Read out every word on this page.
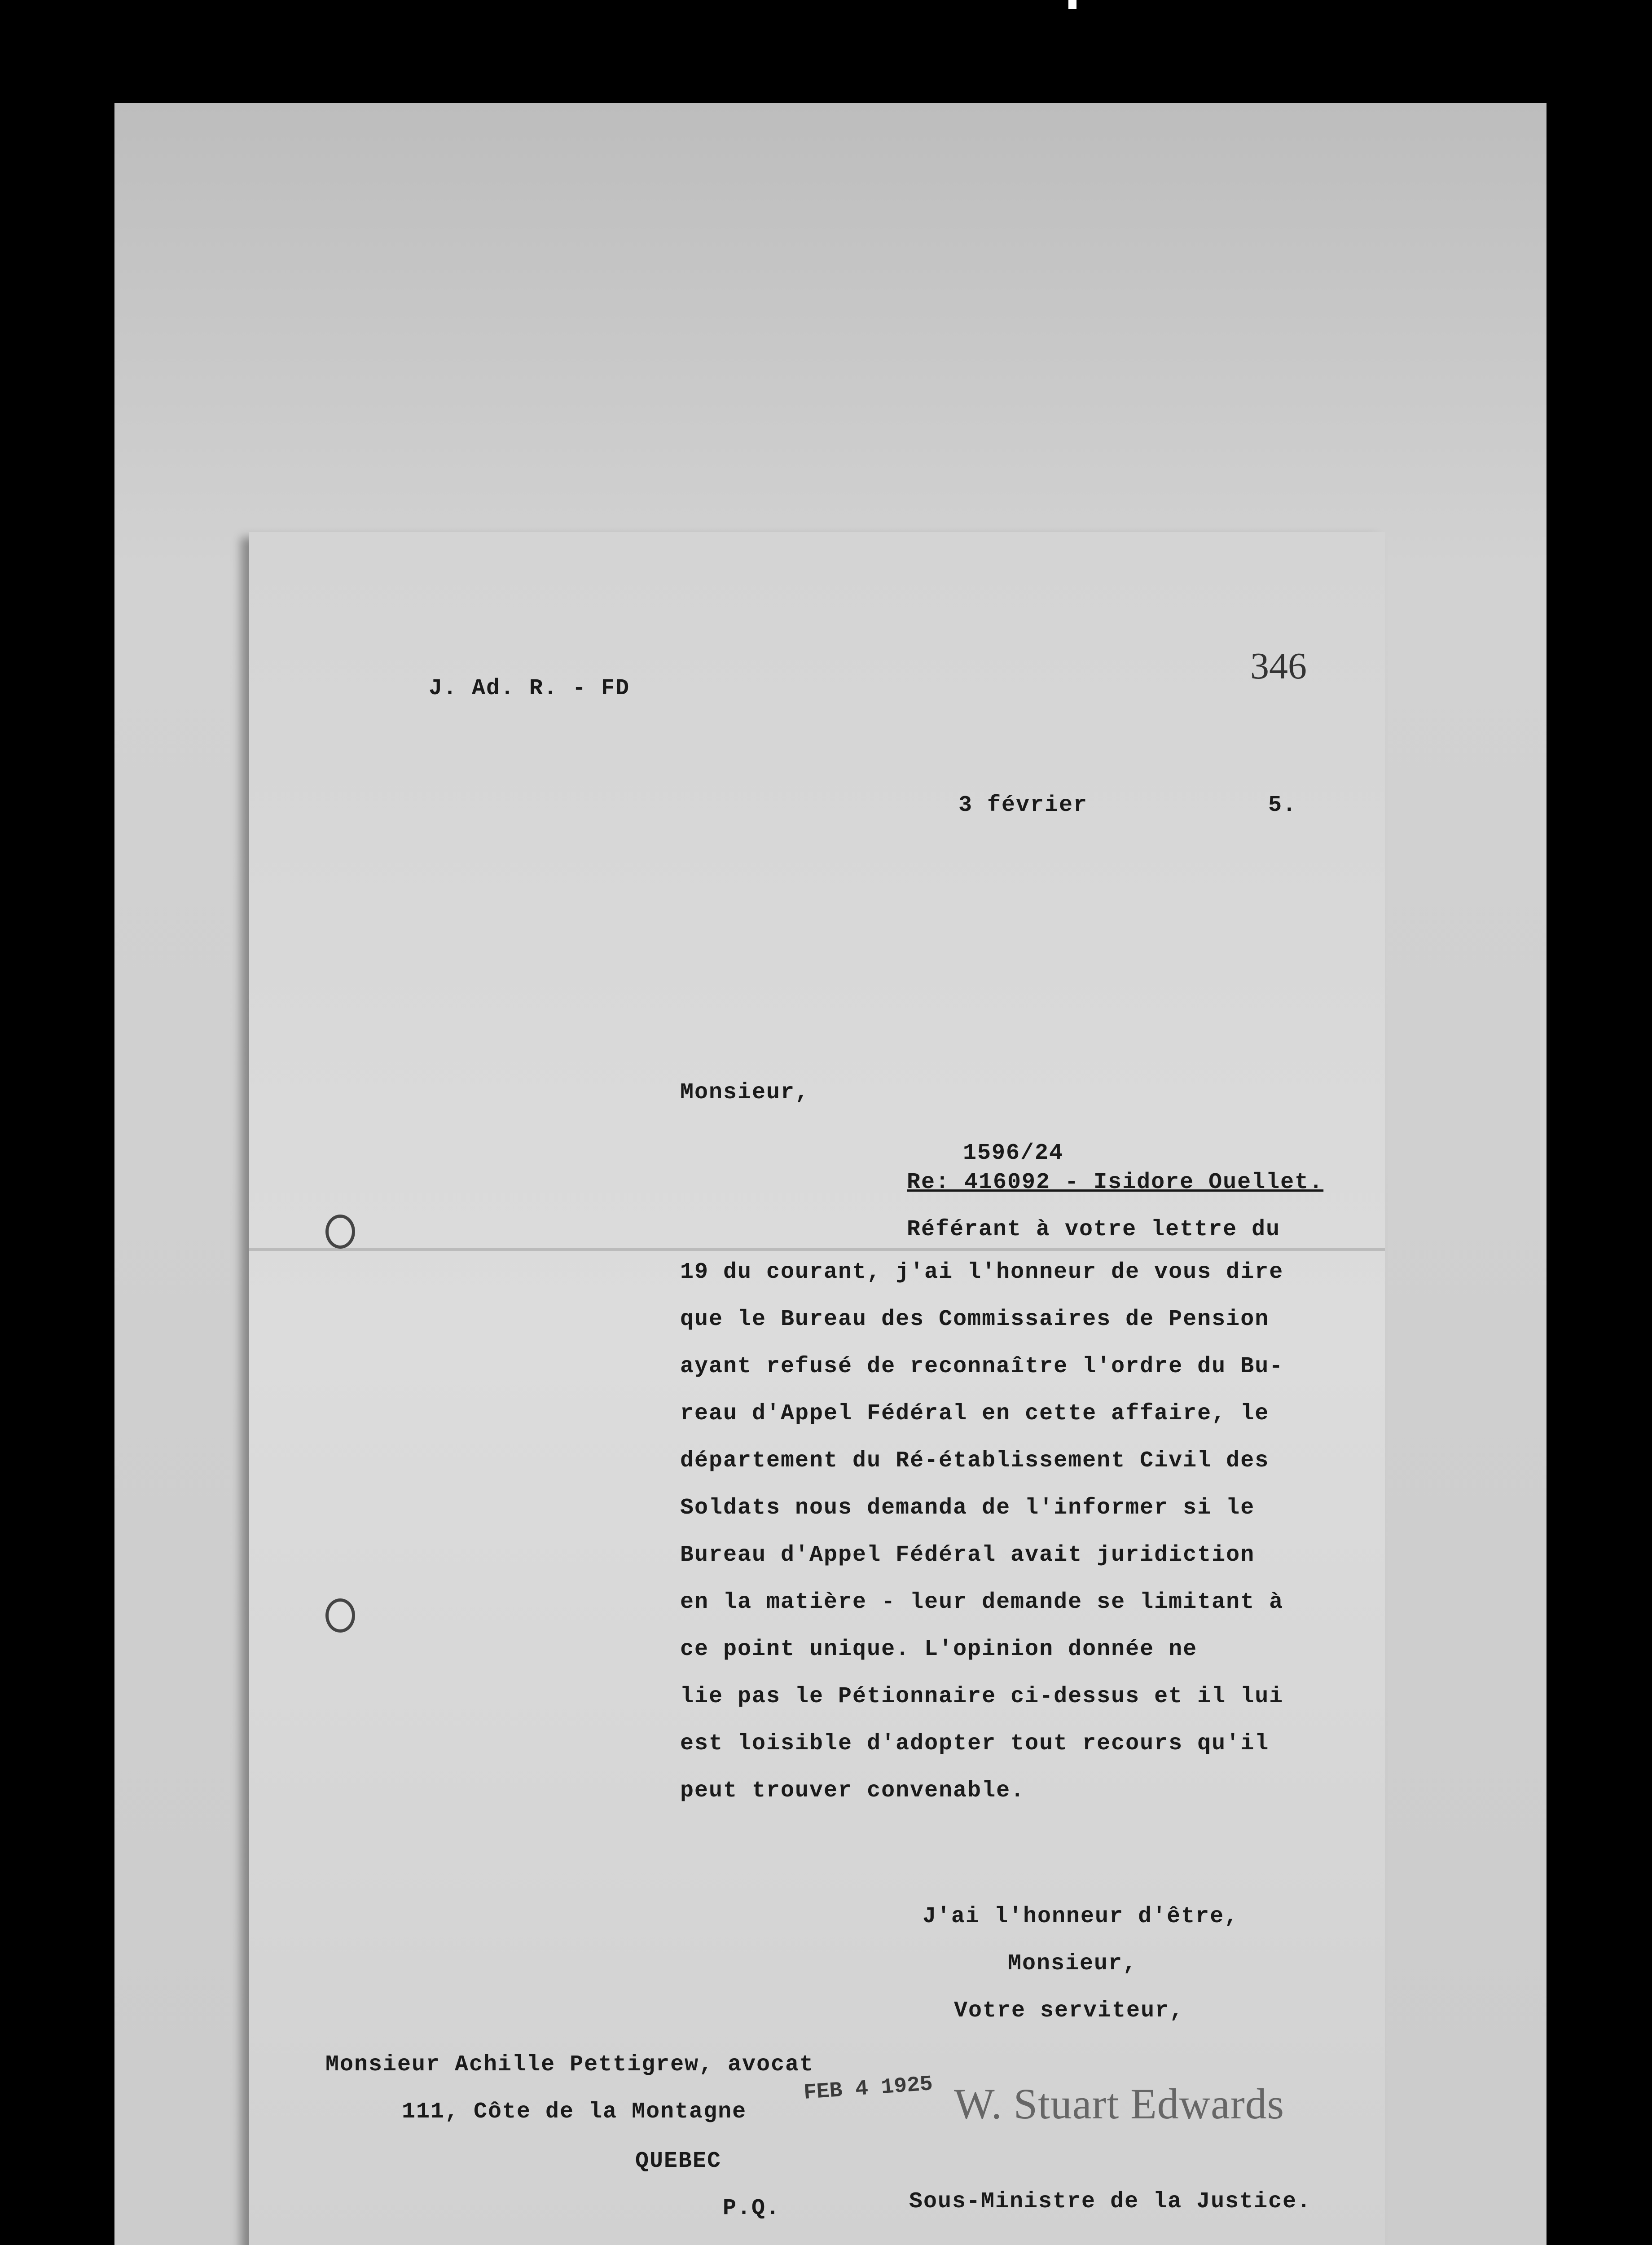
J. Ad. R. - FD
346
3 février	5.
Monsieur,
1596/24
Re: 416092 - Isidore Ouellet.
Référant à votre lettre du
19 du courant, j'ai l'honneur de vous dire
que le Bureau des Commissaires de Pension
ayant refusé de reconnaître l'ordre du Bu-
reau d'Appel Fédéral en cette affaire, le
département du Ré-établissement Civil des
Soldats nous demanda de l'informer si le
Bureau d'Appel Fédéral avait juridiction
en la matière - leur demande se limitant à
ce point unique. L'opinion donnée ne
lie pas le Pétionnaire ci-dessus et il lui
est loisible d'adopter tout recours qu'il
peut trouver convenable.
J'ai l'honneur d'être,
Monsieur,
Votre serviteur,
Monsieur Achille Pettigrew, avocat
111, Côte de la Montagne
QUEBEC
P.Q.
FEB 4 1925 W. Stuart Edwards
Sous-Ministre de la Justice.
